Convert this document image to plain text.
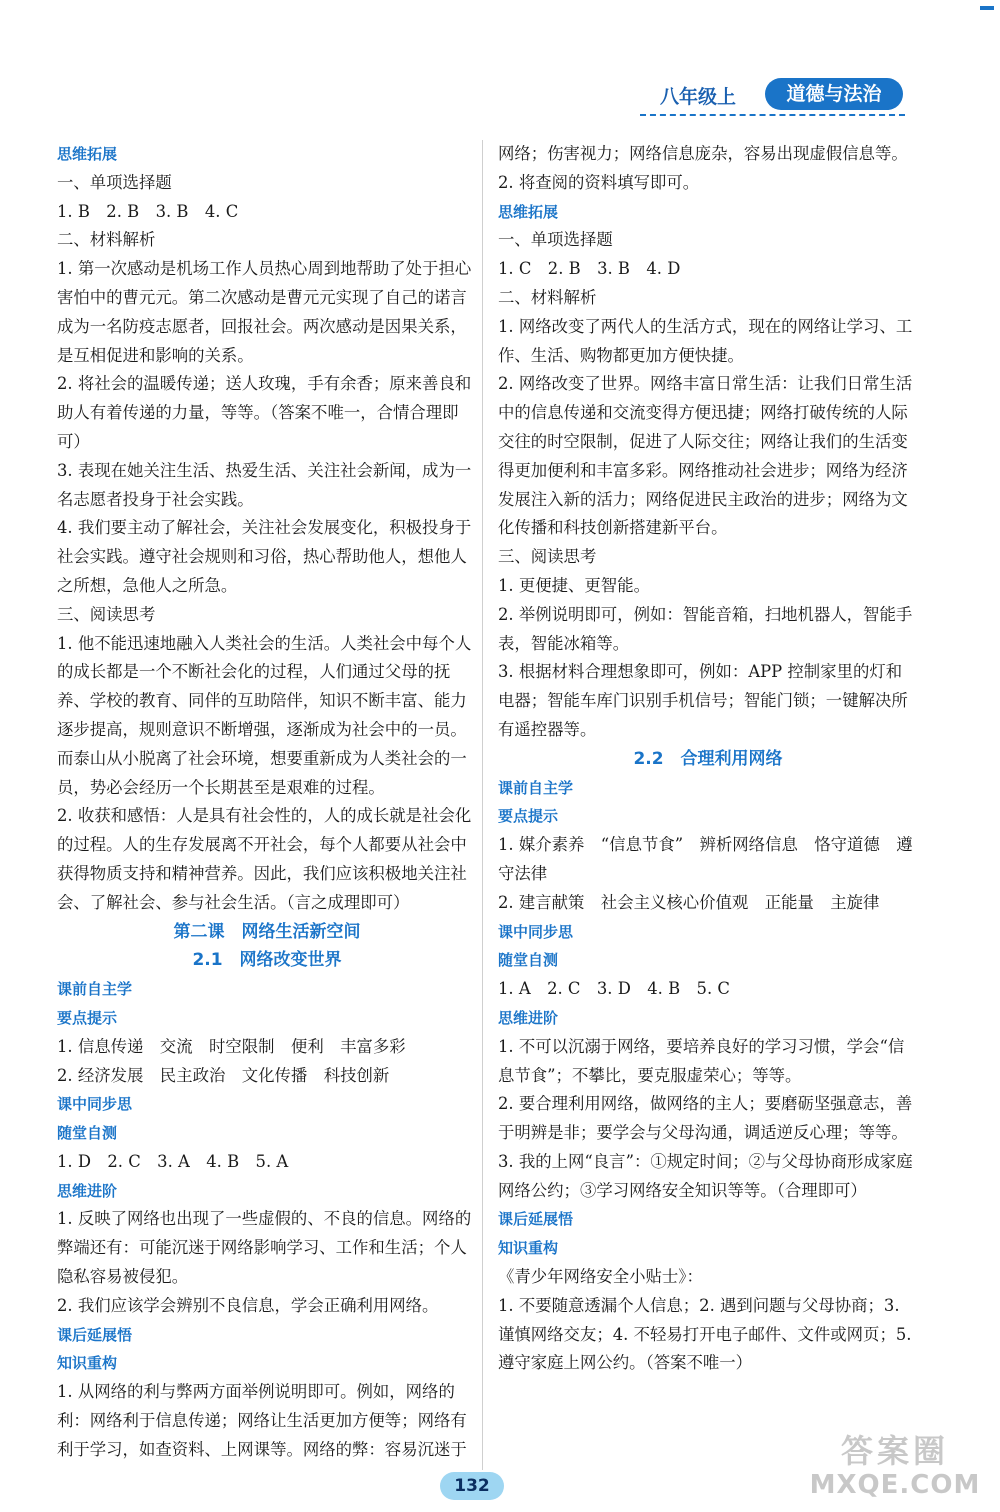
八年级上	道德与法治

思维拓展

一、单项选择题

1. B　2. B　3. B　4. C

二、材料解析

1. 第一次感动是机场工作人员热心周到地帮助了处于担心害怕中的曹元元。第二次感动是曹元元实现了自己的诺言成为一名防疫志愿者，回报社会。两次感动是因果关系，是互相促进和影响的关系。

2. 将社会的温暖传递；送人玫瑰，手有余香；原来善良和助人有着传递的力量，等等。（答案不唯一，合情合理即可）

3. 表现在她关注生活、热爱生活、关注社会新闻，成为一名志愿者投身于社会实践。

4. 我们要主动了解社会，关注社会发展变化，积极投身于社会实践。遵守社会规则和习俗，热心帮助他人，想他人之所想，急他人之所急。

三、阅读思考

1. 他不能迅速地融入人类社会的生活。人类社会中每个人的成长都是一个不断社会化的过程，人们通过父母的抚养、学校的教育、同伴的互助陪伴，知识不断丰富、能力逐步提高，规则意识不断增强，逐渐成为社会中的一员。而泰山从小脱离了社会环境，想要重新成为人类社会的一员，势必会经历一个长期甚至是艰难的过程。

2. 收获和感悟：人是具有社会性的，人的成长就是社会化的过程。人的生存发展离不开社会，每个人都要从社会中获得物质支持和精神营养。因此，我们应该积极地关注社会、了解社会、参与社会生活。（言之成理即可）

第二课　网络生活新空间

2.1　网络改变世界

课前自主学

要点提示

1. 信息传递　交流　时空限制　便利　丰富多彩

2. 经济发展　民主政治　文化传播　科技创新

课中同步思

随堂自测

1. D　2. C　3. A　4. B　5. A

思维进阶

1. 反映了网络也出现了一些虚假的、不良的信息。网络的弊端还有：可能沉迷于网络影响学习、工作和生活；个人隐私容易被侵犯。

2. 我们应该学会辨别不良信息，学会正确利用网络。

课后延展悟

知识重构

1. 从网络的利与弊两方面举例说明即可。例如，网络的利：网络利于信息传递；网络让生活更加方便等；网络有利于学习，如查资料、上网课等。网络的弊：容易沉迷于

网络；伤害视力；网络信息庞杂，容易出现虚假信息等。

2. 将查阅的资料填写即可。

思维拓展

一、单项选择题

1. C　2. B　3. B　4. D

二、材料解析

1. 网络改变了两代人的生活方式，现在的网络让学习、工作、生活、购物都更加方便快捷。

2. 网络改变了世界。网络丰富日常生活：让我们日常生活中的信息传递和交流变得方便迅捷；网络打破传统的人际交往的时空限制，促进了人际交往；网络让我们的生活变得更加便利和丰富多彩。网络推动社会进步；网络为经济发展注入新的活力；网络促进民主政治的进步；网络为文化传播和科技创新搭建新平台。

三、阅读思考

1. 更便捷、更智能。

2. 举例说明即可，例如：智能音箱，扫地机器人，智能手表，智能冰箱等。

3. 根据材料合理想象即可，例如：APP 控制家里的灯和电器；智能车库门识别手机信号；智能门锁；一键解决所有遥控器等。

2.2　合理利用网络

课前自主学

要点提示

1. 媒介素养　“信息节食”　辨析网络信息　恪守道德　遵守法律

2. 建言献策　社会主义核心价值观　正能量　主旋律

课中同步思

随堂自测

1. A　2. C　3. D　4. B　5. C

思维进阶

1. 不可以沉溺于网络，要培养良好的学习习惯，学会“信息节食”；不攀比，要克服虚荣心；等等。

2. 要合理利用网络，做网络的主人；要磨砺坚强意志，善于明辨是非；要学会与父母沟通，调适逆反心理；等等。

3. 我的上网“良言”：①规定时间；②与父母协商形成家庭网络公约；③学习网络安全知识等等。（合理即可）

课后延展悟

知识重构

《青少年网络安全小贴士》：

1. 不要随意透漏个人信息；2. 遇到问题与父母协商；3. 谨慎网络交友；4. 不轻易打开电子邮件、文件或网页；5. 遵守家庭上网公约。（答案不唯一）

132
答案圈
MXQE.COM
